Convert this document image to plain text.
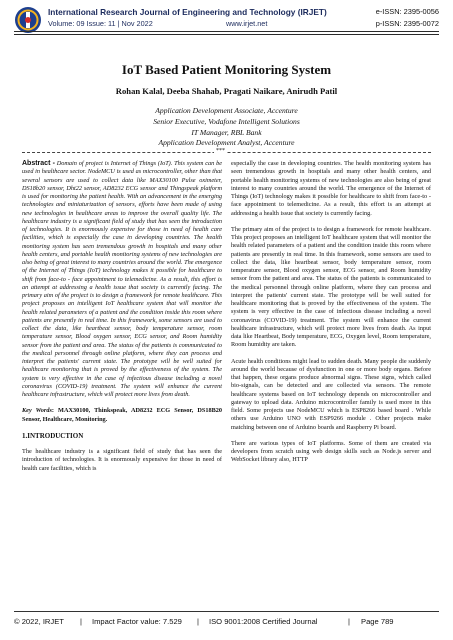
International Research Journal of Engineering and Technology (IRJET)	e-ISSN: 2395-0056
Volume: 09 Issue: 11 | Nov 2022	www.irjet.net	p-ISSN: 2395-0072
IoT Based Patient Monitoring System
Rohan Kalal, Deeba Shahab, Pragati Naikare, Anirudh Patil
Application Development Associate, Accenture
Senior Executive, Vodafone Intelligent Solutions
IT Manager, RBL Bank
Application Development Analyst, Accenture
***

Abstract - Domain of project is Internet of Things (IoT). This system can be used in healthcare sector. NodeMCU is used as microcontroller, other than that several sensors are used to collect data like MAX30100 Pulse oximeter, DS18b20 sensor, Dht22 sensor, AD8232 ECG sensor and Thingspeak platform is used for monitoring the patient health. With an advancement in the emerging technologies and miniaturization of sensors, efforts have been made of using new technologies in healthcare areas to improve the overall quality life. The healthcare industry is a significant field of study that has seen the introduction of technologies. It is enormously expensive for those in need of health care facilities, which is especially the case in developing countries. The health monitoring system has seen tremendous growth in hospitals and many other health centers, and portable health monitoring systems of new technologies are also being of great interest to many countries around the world. The emergence of the Internet of Things (IoT) technology makes it possible for healthcare to shift from face-to - face appointment to telemedicine. As a result, this effort is an attempt at addressing a health issue that society is currently facing. The primary aim of the project is to design a framework for remote healthcare. This project proposes an intelligent IoT healthcare system that will monitor the health related parameters of a patient and the condition inside this room where patients are presently in real time. In this framework, some sensors are used to collect the data, like heartbeat sensor, body temperature sensor, room temperature sensor, Blood oxygen sensor, ECG sensor, and Room humidity sensor from the patient and area. The status of the patients is communicated to the medical personnel through online platform, where they can process and interpret the patients' current state. The prototype will be well suited for healthcare monitoring that is proved by the effectiveness of the system. The system is very effective in the case of infectious disease including a novel coronavirus (COVID-19) treatment. The system will enhance the current healthcare infrastructure, which will protect more lives from death.

Key Words: MAX30100, Thinkspeak, AD8232 ECG Sensor, DS18B20 Sensor, Healthcare, Monitoring.

1.INTRODUCTION

The healthcare industry is a significant field of study that has seen the introduction of technologies. It is enormously expensive for those in need of health care facilities, which is

especially the case in developing countries. The health monitoring system has seen tremendous growth in hospitals and many other health centers, and portable health monitoring systems of new technologies are also being of great interest to many countries around the world. The emergence of the Internet of Things (IoT) technology makes it possible for healthcare to shift from face-to - face appointment to telemedicine. As a result, this effort is an attempt at addressing a health issue that society is currently facing.

The primary aim of the project is to design a framework for remote healthcare. This project proposes an intelligent IoT healthcare system that will monitor the health related parameters of a patient and the condition inside this room where patients are presently in real time. In this framework, some sensors are used to collect the data, like heartbeat sensor, body temperature sensor, room temperature sensor, Blood oxygen sensor, ECG sensor, and Room humidity sensor from the patient and area. The status of the patients is communicated to the medical personnel through online platform, where they can process and interpret the patients' current state. The prototype will be well suited for healthcare monitoring that is proved by the effectiveness of the system. The system is very effective in the case of infectious disease including a novel coronavirus (COVID-19) treatment. The system will enhance the current healthcare infrastructure, which will protect more lives from death. As input data like Heartbeat, Body temperature, ECG, Oxygen level, Room temperature, Room humidity are taken.

Acute health conditions might lead to sudden death. Many people die suddenly around the world because of dysfunction in one or more body organs. Before that happen, these organs produce abnormal signs. These signs, which called bio-signals, can be detected and are collected via sensors. The remote healthcare systems based on IoT technology depends on microcontroller and gateway to upload data. Arduino microcontroller family is used more in this field. Some projects use NodeMCU which is ESP8266 based board . While others use Arduino UNO with ESP9266 module . Other projects make matching between one of Arduino boards and Raspberry Pi board.

There are various types of IoT platforms. Some of them are created via developers from scratch using web design skills such as Node.js server and WebSocket library also, HTTP

© 2022, IRJET | Impact Factor value: 7.529 | ISO 9001:2008 Certified Journal	| Page 789
